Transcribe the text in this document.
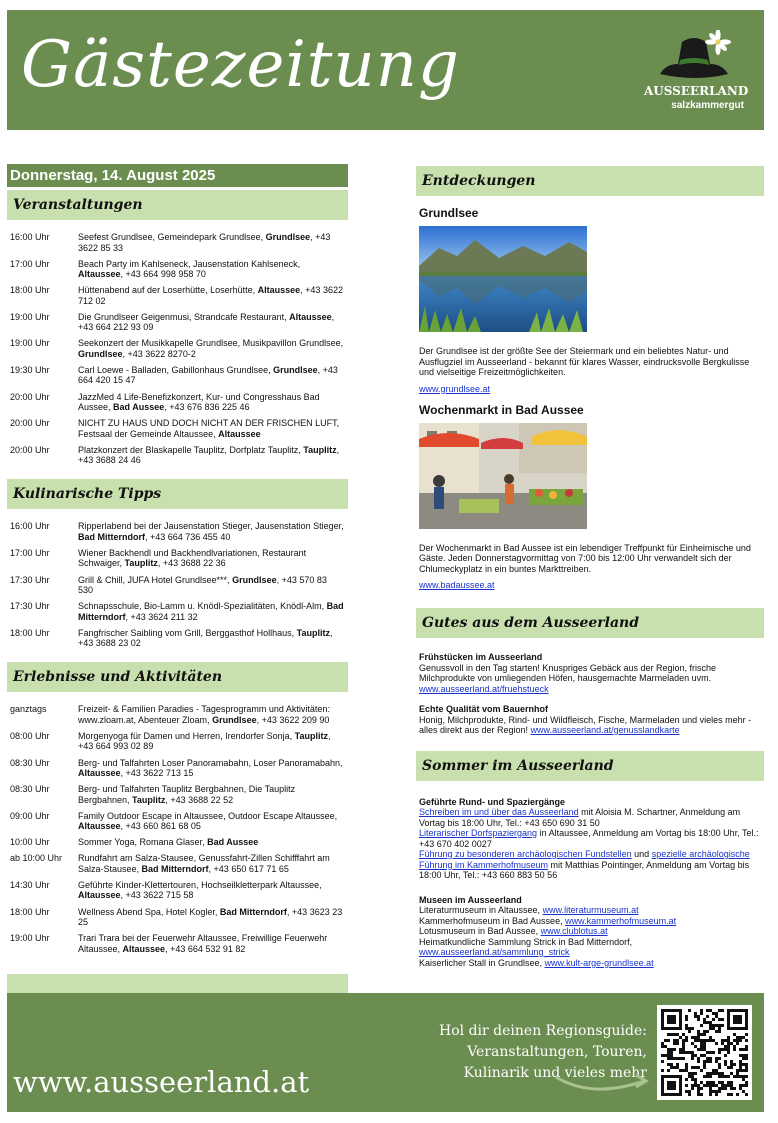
Gästezeitung	AUSSEERLAND
salzkammergut
Donnerstag, 14. August 2025
Veranstaltungen
16:00 Uhr	Seefest Grundlsee, Gemeindepark Grundlsee, Grundlsee, +43 3622 85 33
17:00 Uhr	Beach Party im Kahlseneck, Jausenstation Kahlseneck, Altaussee, +43 664 998 958 70
18:00 Uhr	Hüttenabend auf der Loserhütte, Loserhütte, Altaussee, +43 3622 712 02
19:00 Uhr	Die Grundlseer Geigenmusi, Strandcafe Restaurant, Altaussee, +43 664 212 93 09
19:00 Uhr	Seekonzert der Musikkapelle Grundlsee, Musikpavillon Grundlsee, Grundlsee, +43 3622 8270-2
19:30 Uhr	Carl Loewe - Balladen, Gabillonhaus Grundlsee, Grundlsee, +43 664 420 15 47
20:00 Uhr	JazzMed 4 Life-Benefizkonzert, Kur- und Congresshaus Bad Aussee, Bad Aussee, +43 676 836 225 46
20:00 Uhr	NICHT ZU HAUS UND DOCH NICHT AN DER FRISCHEN LUFT, Festsaal der Gemeinde Altaussee, Altaussee
20:00 Uhr	Platzkonzert der Blaskapelle Tauplitz, Dorfplatz Tauplitz, Tauplitz, +43 3688 24 46
Kulinarische Tipps
16:00 Uhr	Ripperlabend bei der Jausenstation Stieger, Jausenstation Stieger, Bad Mitterndorf, +43 664 736 455 40
17:00 Uhr	Wiener Backhendl und Backhendlvariationen, Restaurant Schwaiger, Tauplitz, +43 3688 22 36
17:30 Uhr	Grill & Chill, JUFA Hotel Grundlsee***, Grundlsee, +43 570 83 530
17:30 Uhr	Schnapsschule, Bio-Lamm u. Knödl-Spezialitäten, Knödl-Alm, Bad Mitterndorf, +43 3624 211 32
18:00 Uhr	Fangfrischer Saibling vom Grill, Berggasthof Hollhaus, Tauplitz, +43 3688 23 02
Erlebnisse und Aktivitäten
ganztags	Freizeit- & Familien Paradies - Tagesprogramm und Aktivitäten: www.zloam.at, Abenteuer Zloam, Grundlsee, +43 3622 209 90
08:00 Uhr	Morgenyoga für Damen und Herren, Irendorfer Sonja, Tauplitz, +43 664 993 02 89
08:30 Uhr	Berg- und Talfahrten Loser Panoramabahn, Loser Panoramabahn, Altaussee, +43 3622 713 15
08:30 Uhr	Berg- und Talfahrten Tauplitz Bergbahnen, Die Tauplitz Bergbahnen, Tauplitz, +43 3688 22 52
09:00 Uhr	Family Outdoor Escape in Altaussee, Outdoor Escape Altaussee, Altaussee, +43 660 861 68 05
10:00 Uhr	Sommer Yoga, Romana Glaser, Bad Aussee
ab 10:00 Uhr	Rundfahrt am Salza-Stausee, Genussfahrt-Zillen Schifffahrt am Salza-Stausee, Bad Mitterndorf, +43 650 617 71 65
14:30 Uhr	Geführte Kinder-Klettertouren, Hochseilkletterpark Altaussee, Altaussee, +43 3622 715 58
18:00 Uhr	Wellness Abend Spa, Hotel Kogler, Bad Mitterndorf, +43 3623 23 25
19:00 Uhr	Trari Trara bei der Feuerwehr Altaussee, Freiwillige Feuerwehr Altaussee, Altaussee, +43 664 532 91 82
Entdeckungen
Grundlsee
Der Grundlsee ist der größte See der Steiermark und ein beliebtes Natur- und Ausflugziel im Ausseerland - bekannt für klares Wasser, eindrucksvolle Bergkulisse und vielseitige Freizeitmöglichkeiten.
www.grundlsee.at
Wochenmarkt in Bad Aussee
Der Wochenmarkt in Bad Aussee ist ein lebendiger Treffpunkt für Einheimische und Gäste. Jeden Donnerstagvormittag von 7:00 bis 12:00 Uhr verwandelt sich der Chlumeckyplatz in ein buntes Markttreiben.
www.badaussee.at
Gutes aus dem Ausseerland
Frühstücken im Ausseerland
Genussvoll in den Tag starten! Knuspriges Gebäck aus der Region, frische Milchprodukte von umliegenden Höfen, hausgemachte Marmeladen uvm.
www.ausseerland.at/fruehstueck
Echte Qualität vom Bauernhof
Honig, Milchprodukte, Rind- und Wildfleisch, Fische, Marmeladen und vieles mehr - alles direkt aus der Region! www.ausseerland.at/genusslandkarte
Sommer im Ausseerland
Geführte Rund- und Spaziergänge
Schreiben im und über das Ausseerland mit Aloisia M. Schartner, Anmeldung am Vortag bis 18:00 Uhr, Tel.: +43 650 690 31 50
Literarischer Dorfspaziergang in Altaussee, Anmeldung am Vortag bis 18:00 Uhr, Tel.: +43 670 402 0027
Führung zu besonderen archäologischen Fundstellen und spezielle archäologische Führung im Kammerhofmuseum mit Matthias Pointinger, Anmeldung am Vortag bis 18:00 Uhr, Tel.: +43 660 883 50 56
Museen im Ausseerland
Literaturmuseum in Altaussee, www.literaturmuseum.at
Kammerhofmuseum in Bad Aussee, www.kammerhofmuseum.at
Lotusmuseum in Bad Aussee, www.clublotus.at
Heimatkundliche Sammlung Strick in Bad Mitterndorf,
www.ausseerland.at/sammlung_strick
Kaiserlicher Stall in Grundlsee, www.kult-arge-grundlsee.at
www.ausseerland.at
Hol dir deinen Regionsguide:
Veranstaltungen, Touren,
Kulinarik und vieles mehr
